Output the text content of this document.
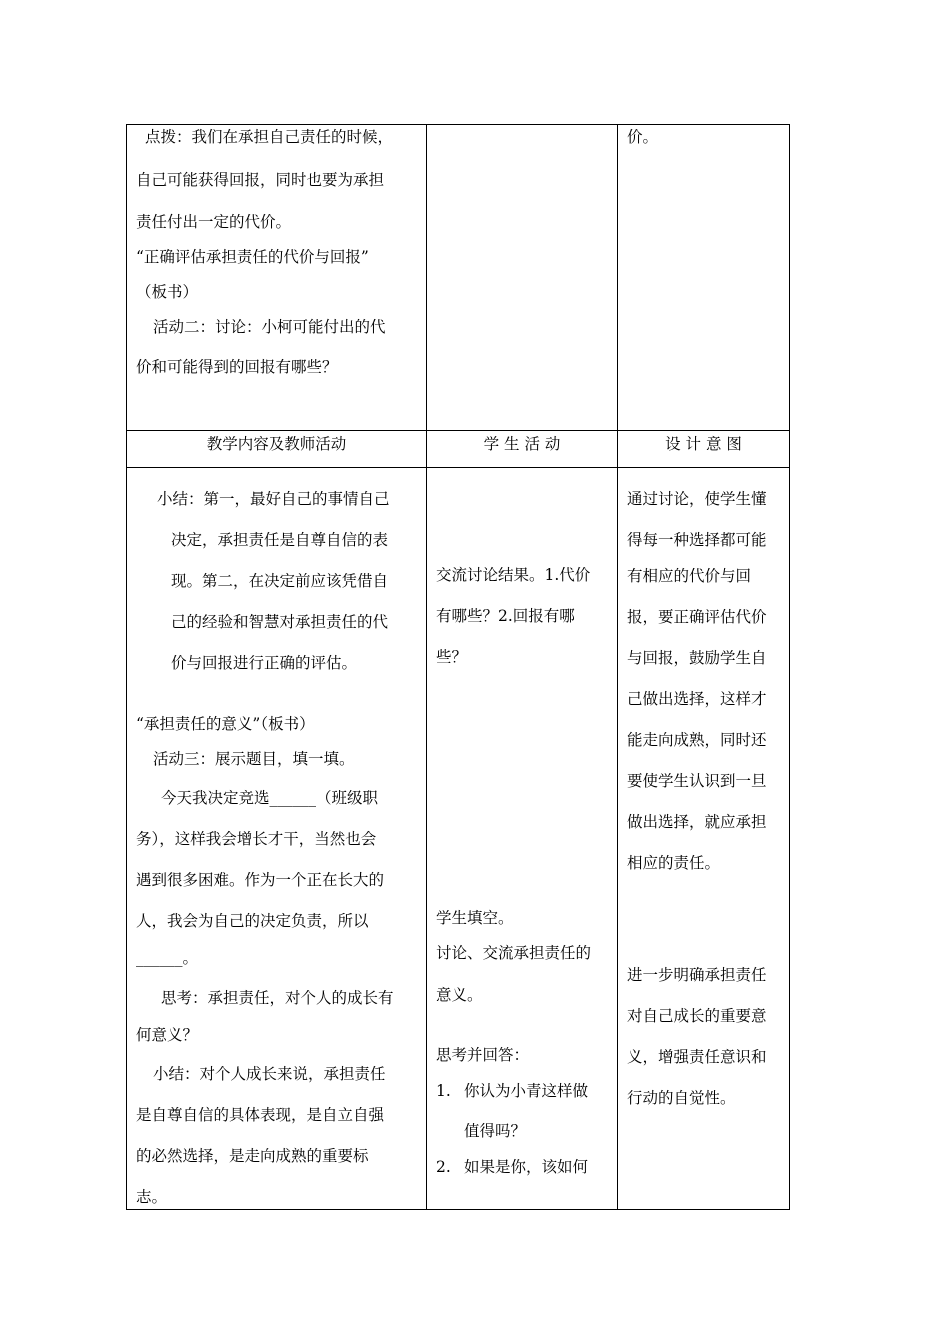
点拨：我们在承担自己责任的时候，
自己可能获得回报，同时也要为承担
责任付出一定的代价。
“正确评估承担责任的代价与回报”
（板书）
活动二：讨论：小柯可能付出的代
价和可能得到的回报有哪些？
价。
教学内容及教师活动	学 生 活 动	设 计 意 图
小结：第一，最好自己的事情自己
决定，承担责任是自尊自信的表
现。第二，在决定前应该凭借自
己的经验和智慧对承担责任的代
价与回报进行正确的评估。
“承担责任的意义”（板书）
活动三：展示题目，填一填。
今天我决定竞选______（班级职
务），这样我会增长才干，当然也会
遇到很多困难。作为一个正在长大的
人，我会为自己的决定负责，所以
______。
思考：承担责任，对个人的成长有
何意义？
小结：对个人成长来说，承担责任
是自尊自信的具体表现，是自立自强
的必然选择，是走向成熟的重要标
志。
交流讨论结果。1.代价
有哪些？2.回报有哪
些？
学生填空。
讨论、交流承担责任的
意义。
思考并回答：
1. 你认为小青这样做
值得吗？
2. 如果是你，该如何
通过讨论，使学生懂
得每一种选择都可能
有相应的代价与回
报，要正确评估代价
与回报，鼓励学生自
己做出选择，这样才
能走向成熟，同时还
要使学生认识到一旦
做出选择，就应承担
相应的责任。
进一步明确承担责任
对自己成长的重要意
义，增强责任意识和
行动的自觉性。
